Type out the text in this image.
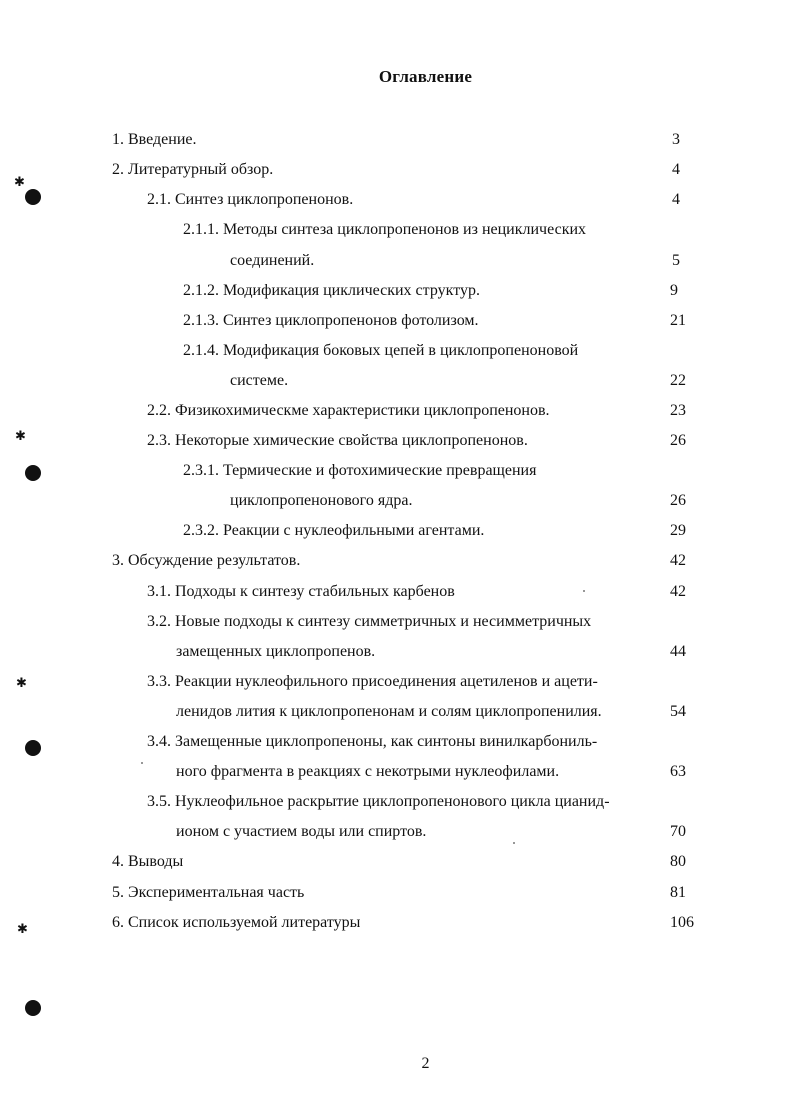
Оглавление
1. Введение.	3
2. Литературный обзор.	4
2.1. Синтез циклопропенонов.	4
2.1.1. Методы синтеза циклопропенонов из нециклических
соединений.	5
2.1.2. Модификация циклических структур.	9
2.1.3. Синтез циклопропенонов фотолизом.	21
2.1.4. Модификация боковых цепей в циклопропеноновой
системе.	22
2.2. Физикохимическме характеристики циклопропенонов.	23
2.3. Некоторые химические свойства циклопропенонов.	26
2.3.1. Термические и фотохимические превращения
циклопропенонового ядра.	26
2.3.2. Реакции с нуклеофильными агентами.	29
3. Обсуждение результатов.	42
3.1. Подходы к синтезу стабильных карбенов	42
3.2. Новые подходы к синтезу симметричных и несимметричных
замещенных циклопропенов.	44
3.3. Реакции нуклеофильного присоединения ацетиленов и ацети-
ленидов лития к циклопропенонам и солям циклопропенилия.	54
3.4. Замещенные циклопропеноны, как синтоны винилкарбониль-
ного фрагмента в реакциях с некотрыми нуклеофилами.	63
3.5. Нуклеофильное раскрытие циклопропенонового цикла цианид-
ионом с участием воды или спиртов.	70
4. Выводы	80
5. Экспериментальная часть	81
6. Список используемой литературы	106
2
✱
✱
✱
✱
